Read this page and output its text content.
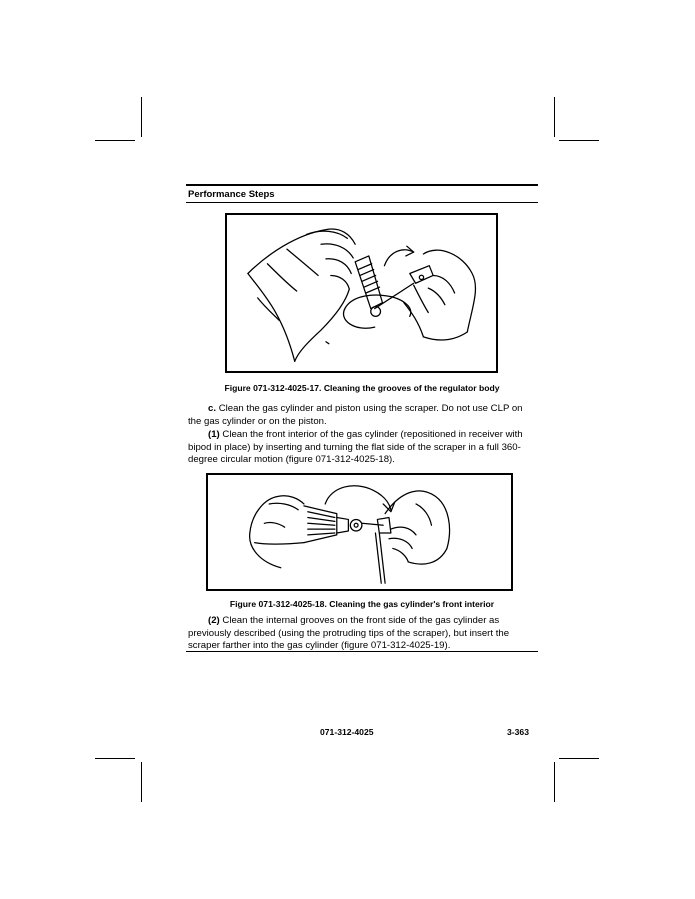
Performance Steps
Figure 071-312-4025-17. Cleaning the grooves of the regulator body
c. Clean the gas cylinder and piston using the scraper. Do not use CLP on the gas cylinder or on the piston.
(1) Clean the front interior of the gas cylinder (repositioned in receiver with bipod in place) by inserting and turning the flat side of the scraper in a full 360-degree circular motion (figure 071-312-4025-18).
Figure 071-312-4025-18. Cleaning the gas cylinder's front interior
(2) Clean the internal grooves on the front side of the gas cylinder as previously described (using the protruding tips of the scraper), but insert the scraper farther into the gas cylinder (figure 071-312-4025-19).
071-312-4025	3-363
